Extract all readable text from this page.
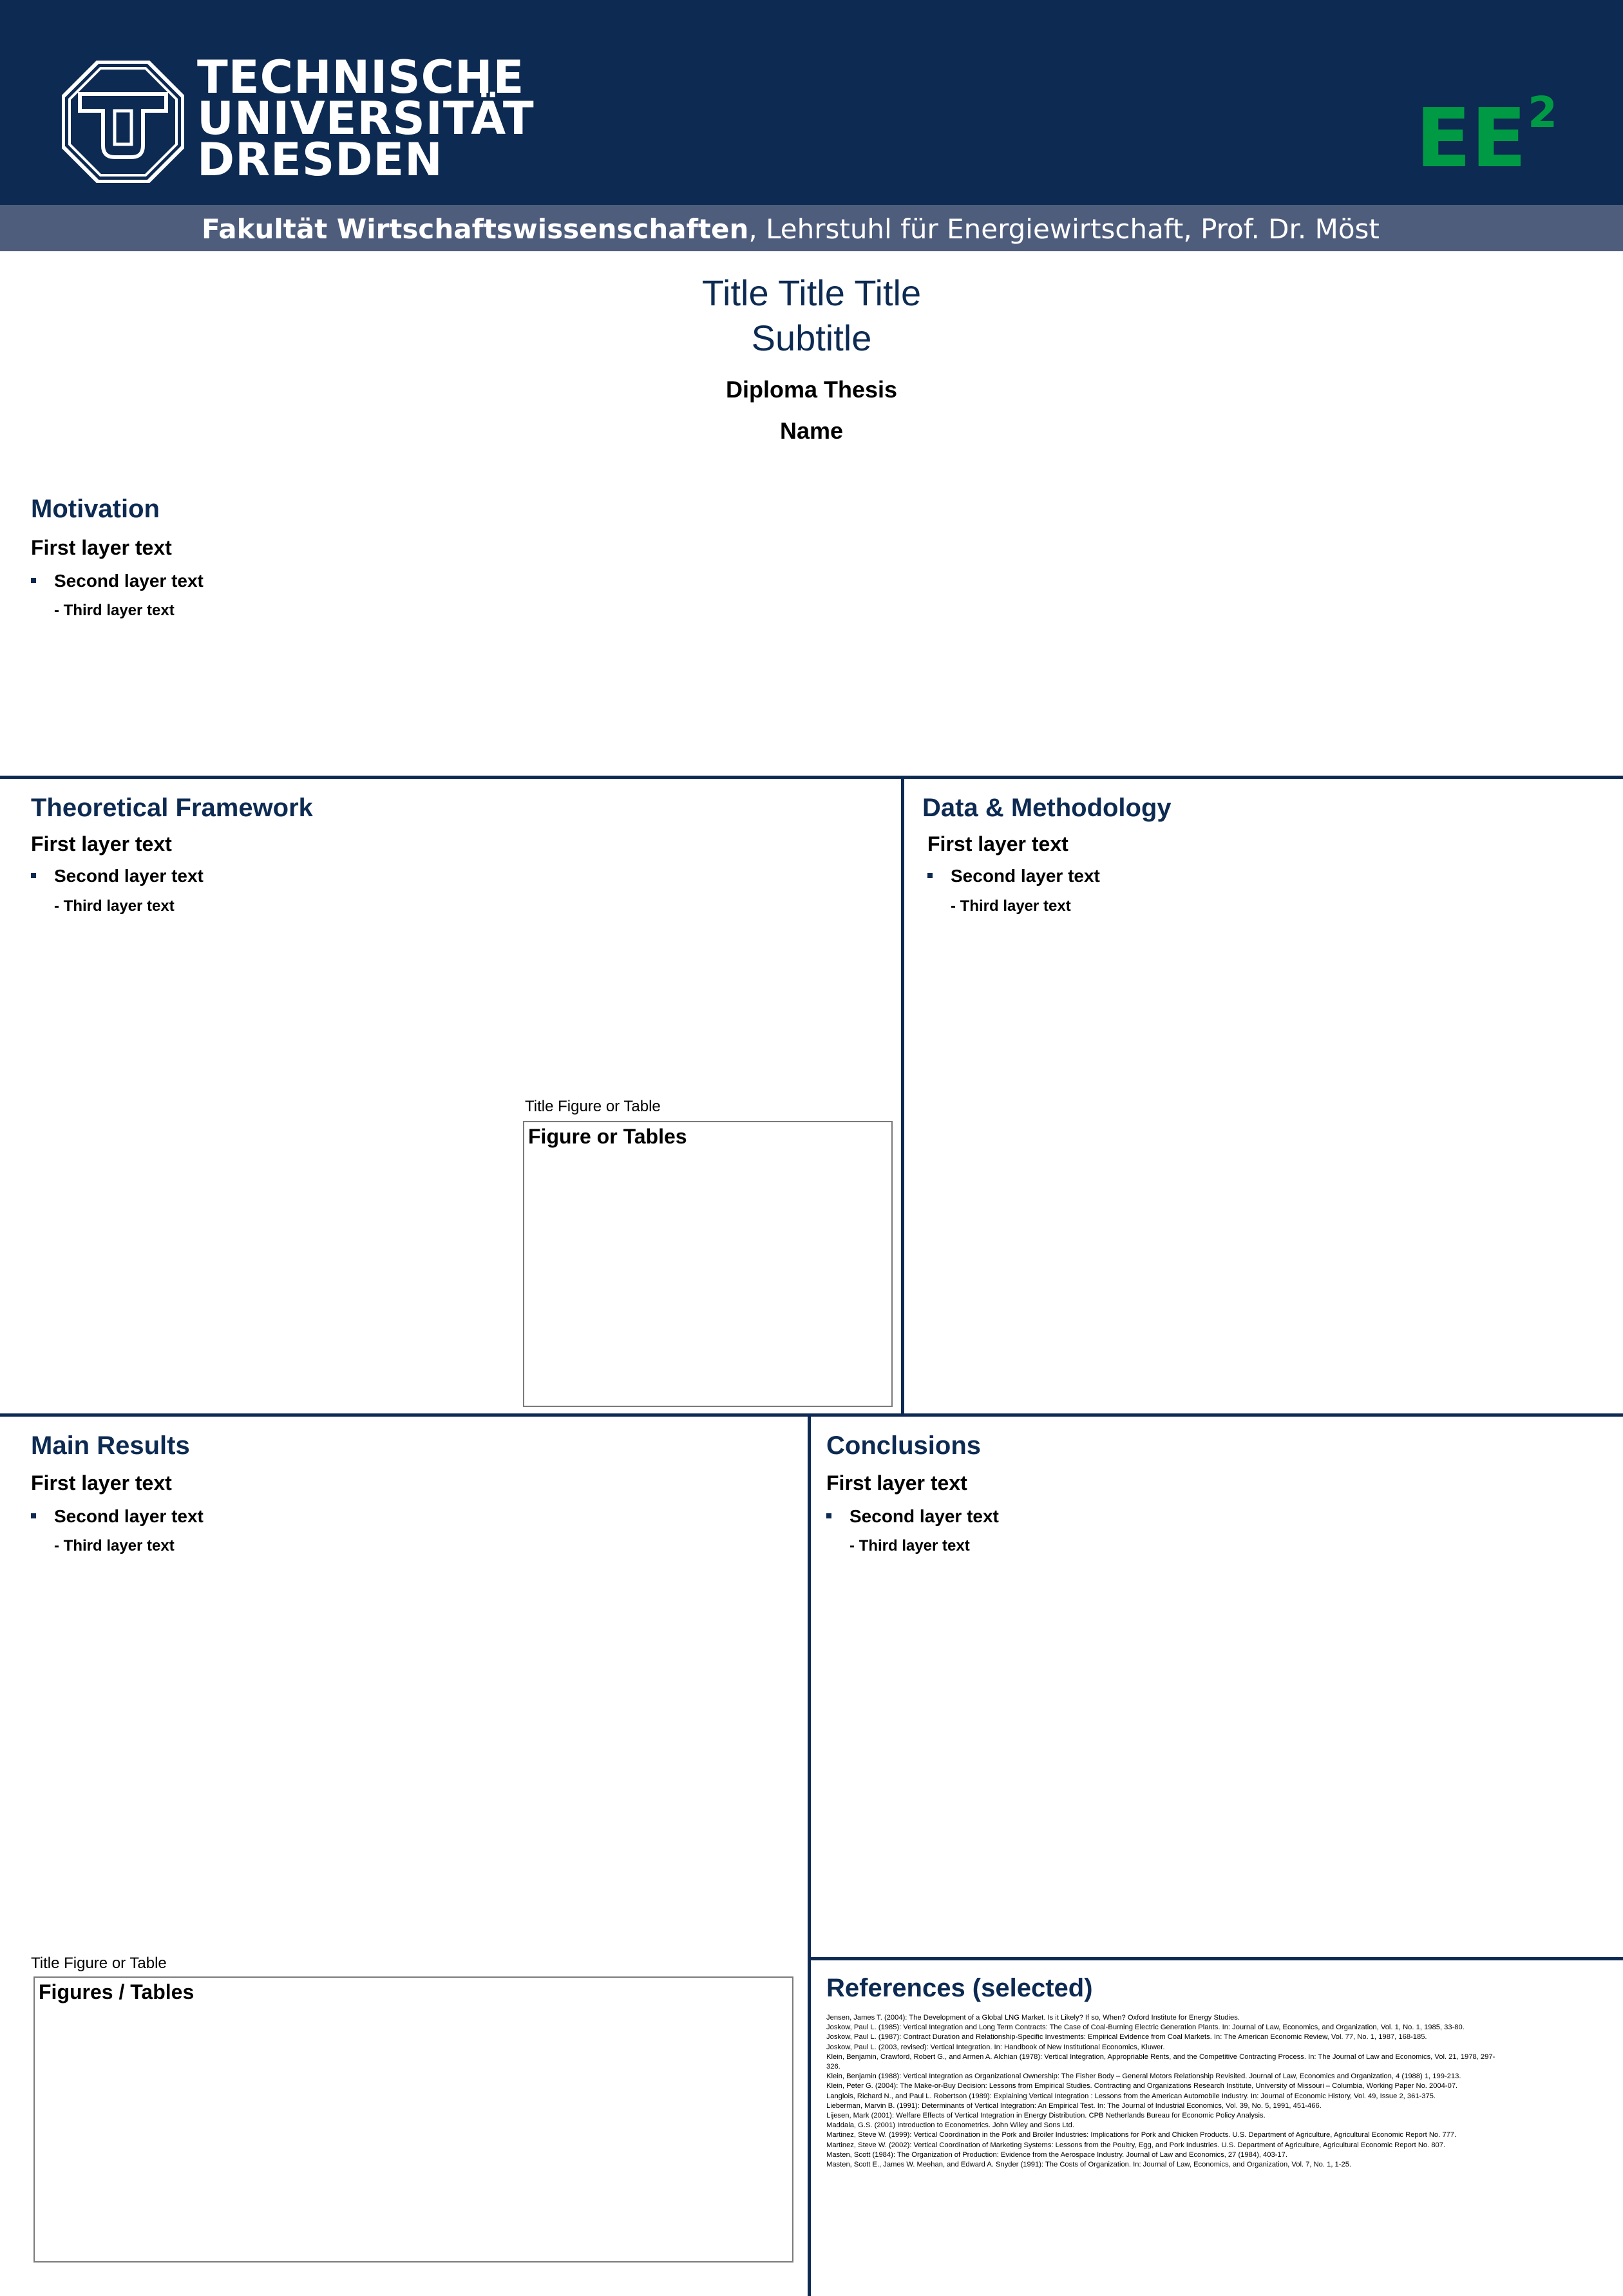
TECHNISCHE
UNIVERSITÄT
DRESDEN	$EE^2$
Fakultät Wirtschaftswissenschaften, Lehrstuhl für Energiewirtschaft, Prof. Dr. Möst
Title Title Title
Subtitle
Diploma Thesis
Name
Motivation
First layer text
Second layer text
- Third layer text
Theoretical Framework
First layer text
Second layer text
- Third layer text
Title Figure or Table
Figure or Tables
Data & Methodology
First layer text
Second layer text
- Third layer text
Main Results
First layer text
Second layer text
- Third layer text
Title Figure or Table
Figures / Tables
Conclusions
First layer text
Second layer text
- Third layer text
References (selected)
Jensen, James T. (2004): The Development of a Global LNG Market. Is it Likely? If so, When? Oxford Institute for Energy Studies.
Joskow, Paul L. (1985): Vertical Integration and Long Term Contracts: The Case of Coal-Burning Electric Generation Plants. In: Journal of Law, Economics, and Organization, Vol. 1, No. 1, 1985, 33-80.
Joskow, Paul L. (1987): Contract Duration and Relationship-Specific Investments: Empirical Evidence from Coal Markets. In: The American Economic Review, Vol. 77, No. 1, 1987, 168-185.
Joskow, Paul L. (2003, revised): Vertical Integration. In: Handbook of New Institutional Economics, Kluwer.
Klein, Benjamin, Crawford, Robert G., and Armen A. Alchian (1978): Vertical Integration, Appropriable Rents, and the Competitive Contracting Process. In: The Journal of Law and Economics, Vol. 21, 1978, 297-326.
Klein, Benjamin (1988): Vertical Integration as Organizational Ownership: The Fisher Body – General Motors Relationship Revisited. Journal of Law, Economics and Organization, 4 (1988) 1, 199-213.
Klein, Peter G. (2004): The Make-or-Buy Decision: Lessons from Empirical Studies. Contracting and Organizations Research Institute, University of Missouri – Columbia, Working Paper No. 2004-07.
Langlois, Richard N., and Paul L. Robertson (1989): Explaining Vertical Integration : Lessons from the American Automobile Industry. In: Journal of Economic History, Vol. 49, Issue 2, 361-375.
Lieberman, Marvin B. (1991): Determinants of Vertical Integration: An Empirical Test. In: The Journal of Industrial Economics, Vol. 39, No. 5, 1991, 451-466.
Lijesen, Mark (2001): Welfare Effects of Vertical Integration in Energy Distribution. CPB Netherlands Bureau for Economic Policy Analysis.
Maddala, G.S. (2001) Introduction to Econometrics. John Wiley and Sons Ltd.
Martinez, Steve W. (1999): Vertical Coordination in the Pork and Broiler Industries: Implications for Pork and Chicken Products. U.S. Department of Agriculture, Agricultural Economic Report No. 777.
Martinez, Steve W. (2002): Vertical Coordination of Marketing Systems: Lessons from the Poultry, Egg, and Pork Industries. U.S. Department of Agriculture, Agricultural Economic Report No. 807.
Masten, Scott (1984): The Organization of Production: Evidence from the Aerospace Industry. Journal of Law and Economics, 27 (1984), 403-17.
Masten, Scott E., James W. Meehan, and Edward A. Snyder (1991): The Costs of Organization. In: Journal of Law, Economics, and Organization, Vol. 7, No. 1, 1-25.
